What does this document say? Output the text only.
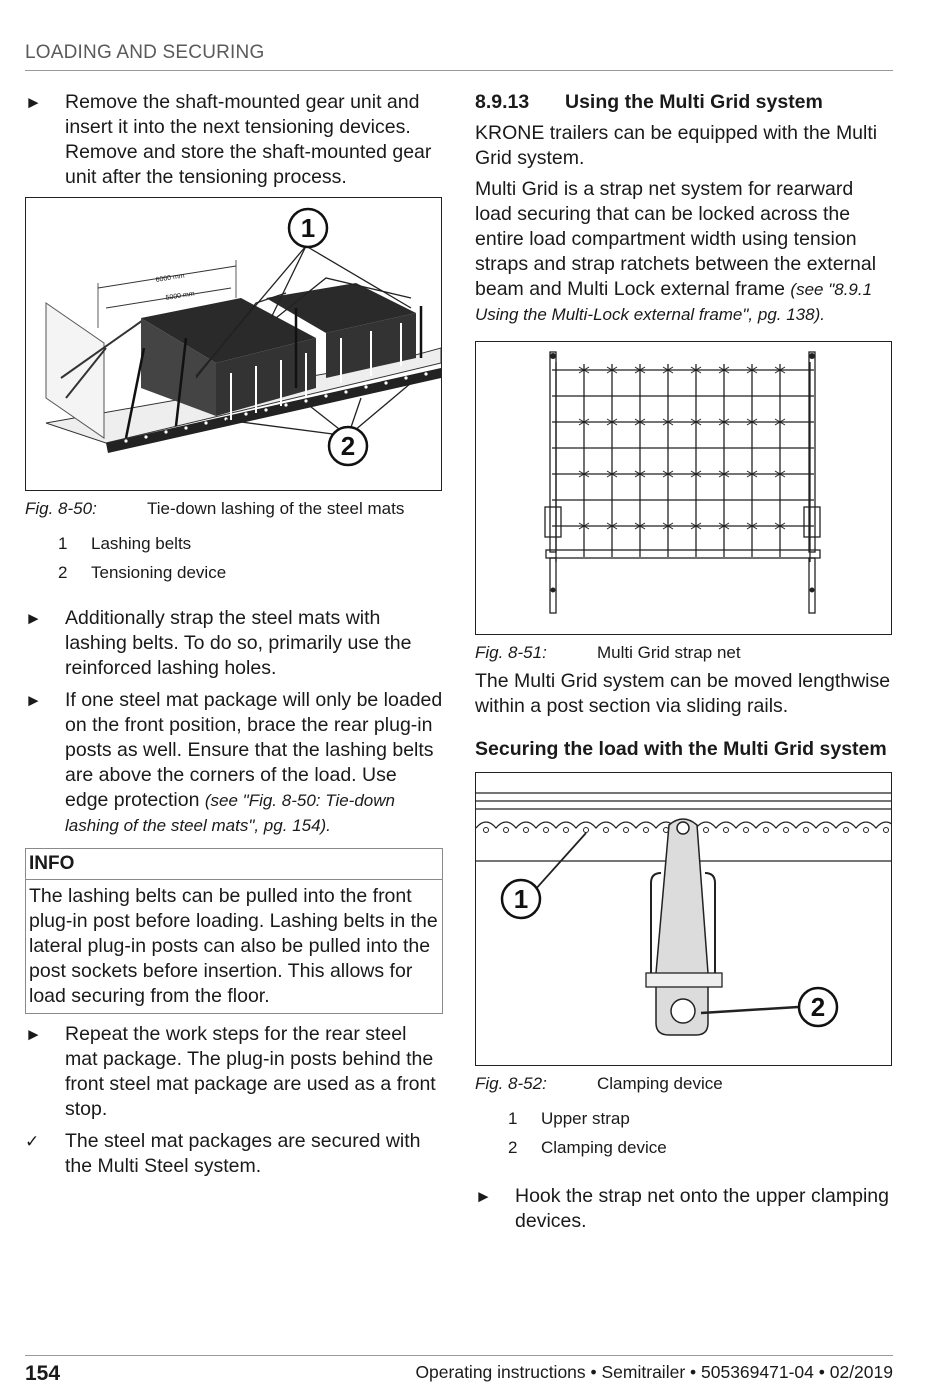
LOADING AND SECURING
► Remove the shaft-mounted gear unit and insert it into the next tensioning devices. Remove and store the shaft-mounted gear unit after the tensioning process.
6000 mm
5000 mm
1
2
Fig. 8-50:	Tie-down lashing of the steel mats
1	Lashing belts
2	Tensioning device
► Additionally strap the steel mats with lashing belts. To do so, primarily use the reinforced lashing holes.
► If one steel mat package will only be loaded on the front position, brace the rear plug-in posts as well. Ensure that the lashing belts are above the corners of the load. Use edge protection (see "Fig. 8-50: Tie-down lashing of the steel mats", pg. 154).
INFO
The lashing belts can be pulled into the front plug-in post before loading. Lashing belts in the lateral plug-in posts can also be pulled into the post sockets before insertion. This allows for load securing from the floor.
► Repeat the work steps for the rear steel mat package. The plug-in posts behind the front steel mat package are used as a front stop.
✓ The steel mat packages are secured with the Multi Steel system.
8.9.13	Using the Multi Grid system
KRONE trailers can be equipped with the Multi Grid system.
Multi Grid is a strap net system for rearward load securing that can be locked across the entire load compartment width using tension straps and strap ratchets between the external beam and Multi Lock external frame (see "8.9.1 Using the Multi-Lock external frame", pg. 138).
Fig. 8-51:	Multi Grid strap net
The Multi Grid system can be moved lengthwise within a post section via sliding rails.
Securing the load with the Multi Grid system
1
2
Fig. 8-52:	Clamping device
1	Upper strap
2	Clamping device
► Hook the strap net onto the upper clamping devices.
154	Operating instructions • Semitrailer • 505369471-04 • 02/2019
